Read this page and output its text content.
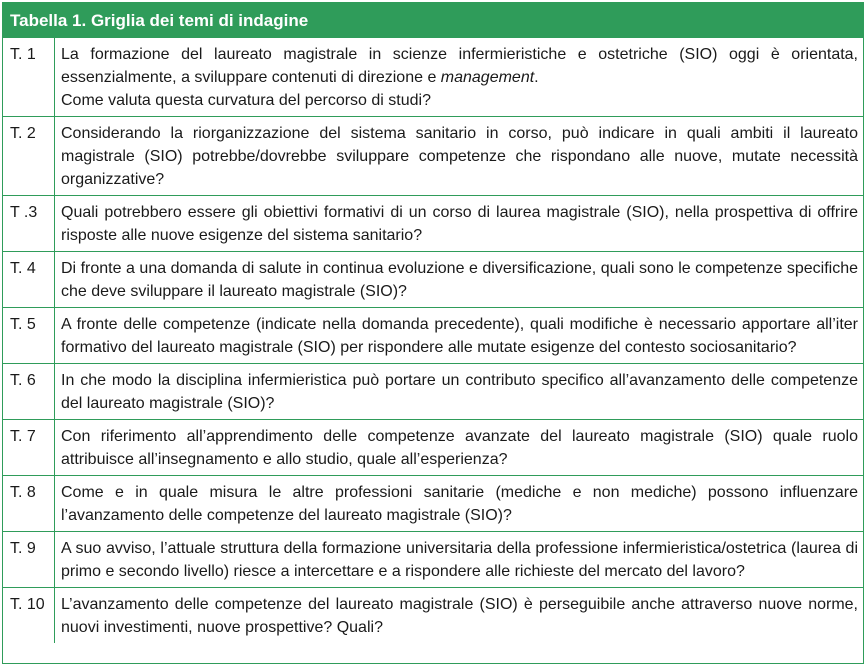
Tabella 1. Griglia dei temi di indagine
T. 1	La formazione del laureato magistrale in scienze infermieristiche e ostetriche (SIO) oggi è orientata, essenzialmente, a sviluppare contenuti di direzione e management.
Come valuta questa curvatura del percorso di studi?
T. 2	Considerando la riorganizzazione del sistema sanitario in corso, può indicare in quali ambiti il laureato magistrale (SIO) potrebbe/dovrebbe sviluppare competenze che rispondano alle nuove, mutate necessità organizzative?
T .3	Quali potrebbero essere gli obiettivi formativi di un corso di laurea magistrale (SIO), nella prospettiva di offrire risposte alle nuove esigenze del sistema sanitario?
T. 4	Di fronte a una domanda di salute in continua evoluzione e diversificazione, quali sono le competenze specifiche che deve sviluppare il laureato magistrale (SIO)?
T. 5	A fronte delle competenze (indicate nella domanda precedente), quali modifiche è necessario apportare all’iter formativo del laureato magistrale (SIO) per rispondere alle mutate esigenze del contesto sociosanitario?
T. 6	In che modo la disciplina infermieristica può portare un contributo specifico all’avanzamento delle competenze del laureato magistrale (SIO)?
T. 7	Con riferimento all’apprendimento delle competenze avanzate del laureato magistrale (SIO) quale ruolo attribuisce all’insegnamento e allo studio, quale all’esperienza?
T. 8	Come e in quale misura le altre professioni sanitarie (mediche e non mediche) possono influenzare l’avanzamento delle competenze del laureato magistrale (SIO)?
T. 9	A suo avviso, l’attuale struttura della formazione universitaria della professione infermieristica/ostetrica (laurea di primo e secondo livello) riesce a intercettare e a rispondere alle richieste del mercato del lavoro?
T. 10	L’avanzamento delle competenze del laureato magistrale (SIO) è perseguibile anche attraverso nuove norme, nuovi investimenti, nuove prospettive? Quali?
